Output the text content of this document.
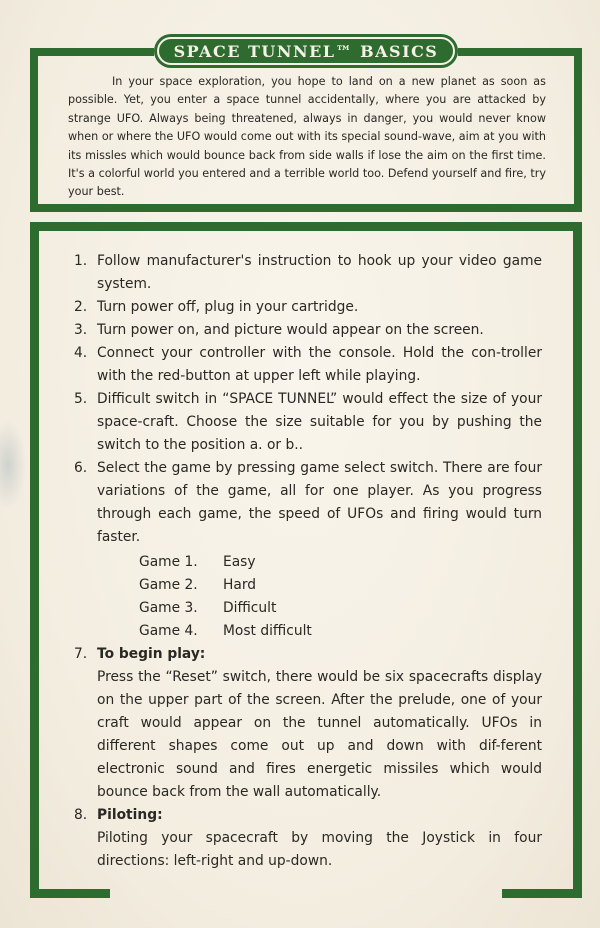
SPACE TUNNEL™ BASICS
In your space exploration, you hope to land on a new planet as soon as possible. Yet, you enter a space tunnel accidentally, where you are attacked by strange UFO. Always being threatened, always in danger, you would never know when or where the UFO would come out with its special sound-wave, aim at you with its missles which would bounce back from side walls if lose the aim on the first time. It's a colorful world you entered and a terrible world too. Defend yourself and fire, try your best.
1. Follow manufacturer's instruction to hook up your video game system.
2. Turn power off, plug in your cartridge.
3. Turn power on, and picture would appear on the screen.
4. Connect your controller with the console. Hold the con-troller with the red-button at upper left while playing.
5. Difficult switch in “SPACE TUNNEL” would effect the size of your space-craft. Choose the size suitable for you by pushing the switch to the position a. or b..
6. Select the game by pressing game select switch. There are four variations of the game, all for one player. As you progress through each game, the speed of UFOs and firing would turn faster.
Game 1.	Easy
Game 2.	Hard
Game 3.	Difficult
Game 4.	Most difficult
7. To begin play:
Press the “Reset” switch, there would be six spacecrafts display on the upper part of the screen. After the prelude, one of your craft would appear on the tunnel automatically. UFOs in different shapes come out up and down with dif-ferent electronic sound and fires energetic missiles which would bounce back from the wall automatically.
8. Piloting:
Piloting your spacecraft by moving the Joystick in four directions: left-right and up-down.
